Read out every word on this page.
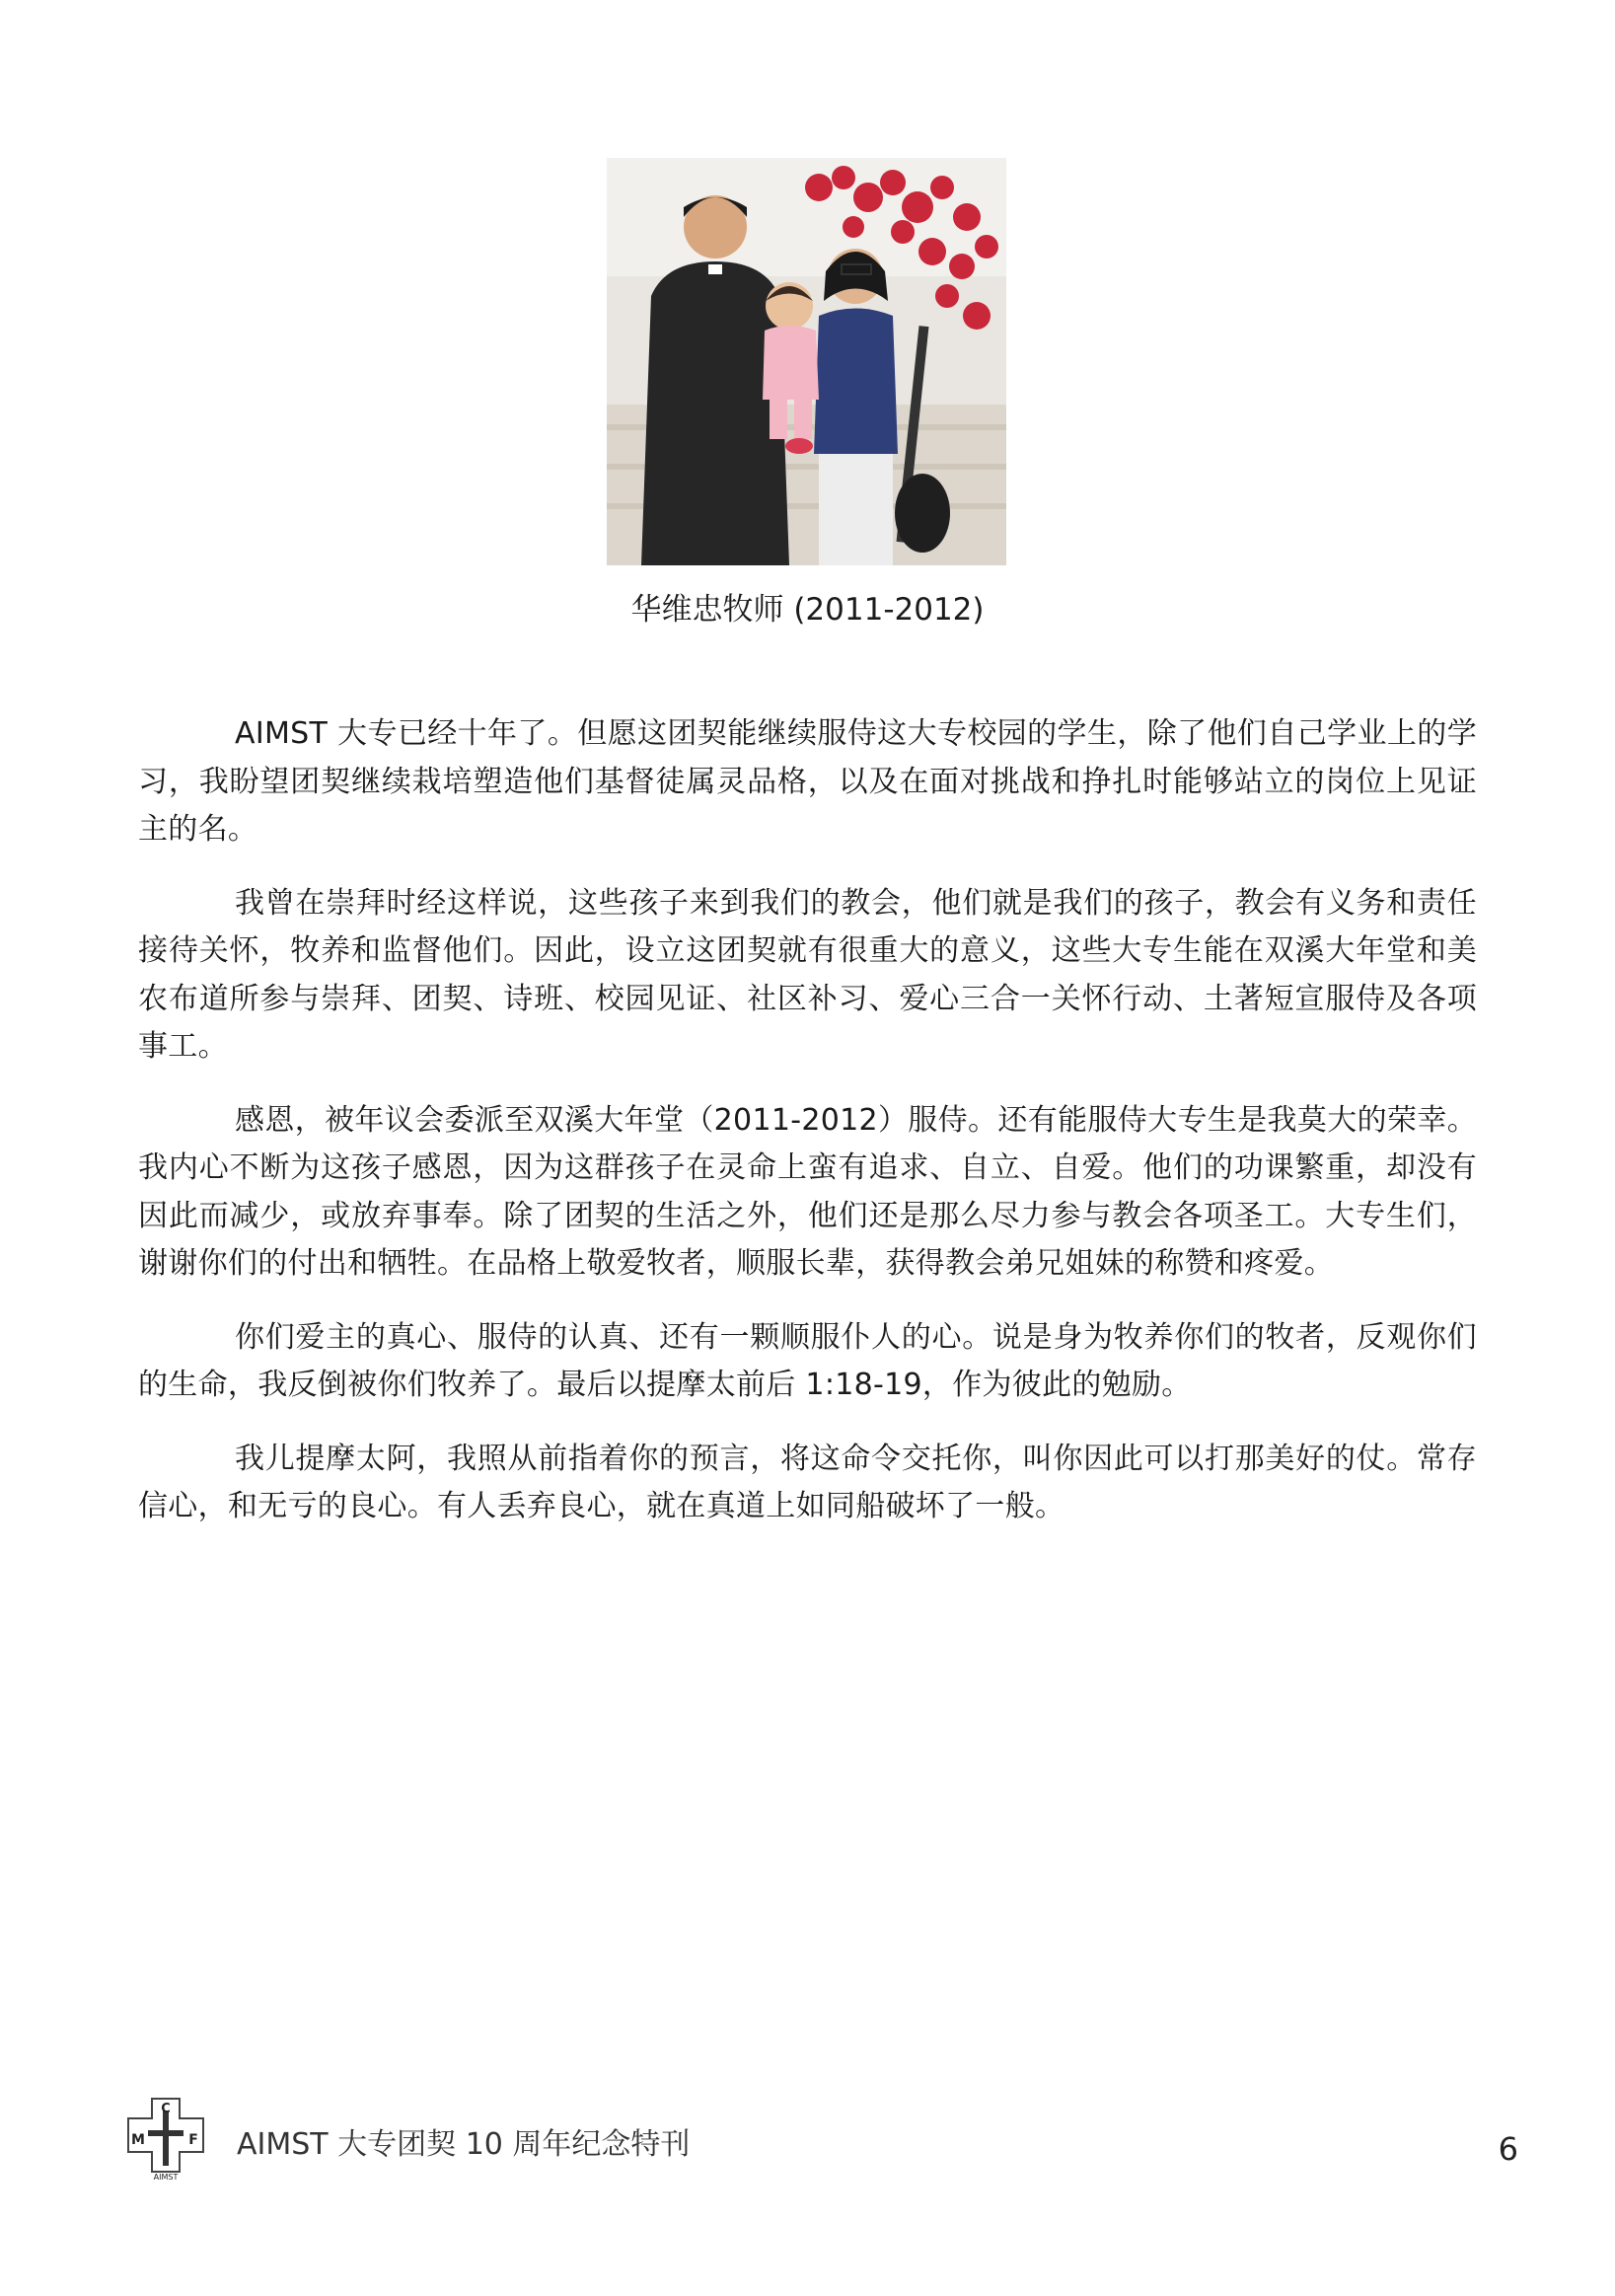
华维忠牧师 (2011-2012)

AIMST 大专已经十年了。但愿这团契能继续服侍这大专校园的学生，除了他们自己学业上的学习，我盼望团契继续栽培塑造他们基督徒属灵品格，以及在面对挑战和挣扎时能够站立的岗位上见证主的名。

我曾在崇拜时经这样说，这些孩子来到我们的教会，他们就是我们的孩子，教会有义务和责任接待关怀，牧养和监督他们。因此，设立这团契就有很重大的意义，这些大专生能在双溪大年堂和美农布道所参与崇拜、团契、诗班、校园见证、社区补习、爱心三合一关怀行动、土著短宣服侍及各项事工。

感恩，被年议会委派至双溪大年堂（2011-2012）服侍。还有能服侍大专生是我莫大的荣幸。我内心不断为这孩子感恩，因为这群孩子在灵命上蛮有追求、自立、自爱。他们的功课繁重，却没有因此而减少，或放弃事奉。除了团契的生活之外，他们还是那么尽力参与教会各项圣工。大专生们，谢谢你们的付出和牺牲。在品格上敬爱牧者，顺服长辈，获得教会弟兄姐妹的称赞和疼爱。

你们爱主的真心、服侍的认真、还有一颗顺服仆人的心。说是身为牧养你们的牧者，反观你们的生命，我反倒被你们牧养了。最后以提摩太前后 1:18-19，作为彼此的勉励。

我儿提摩太阿，我照从前指着你的预言，将这命令交托你，叫你因此可以打那美好的仗。常存信心，和无亏的良心。有人丢弃良心，就在真道上如同船破坏了一般。

C
M	F
AIMST
AIMST 大专团契 10 周年纪念特刊	6
